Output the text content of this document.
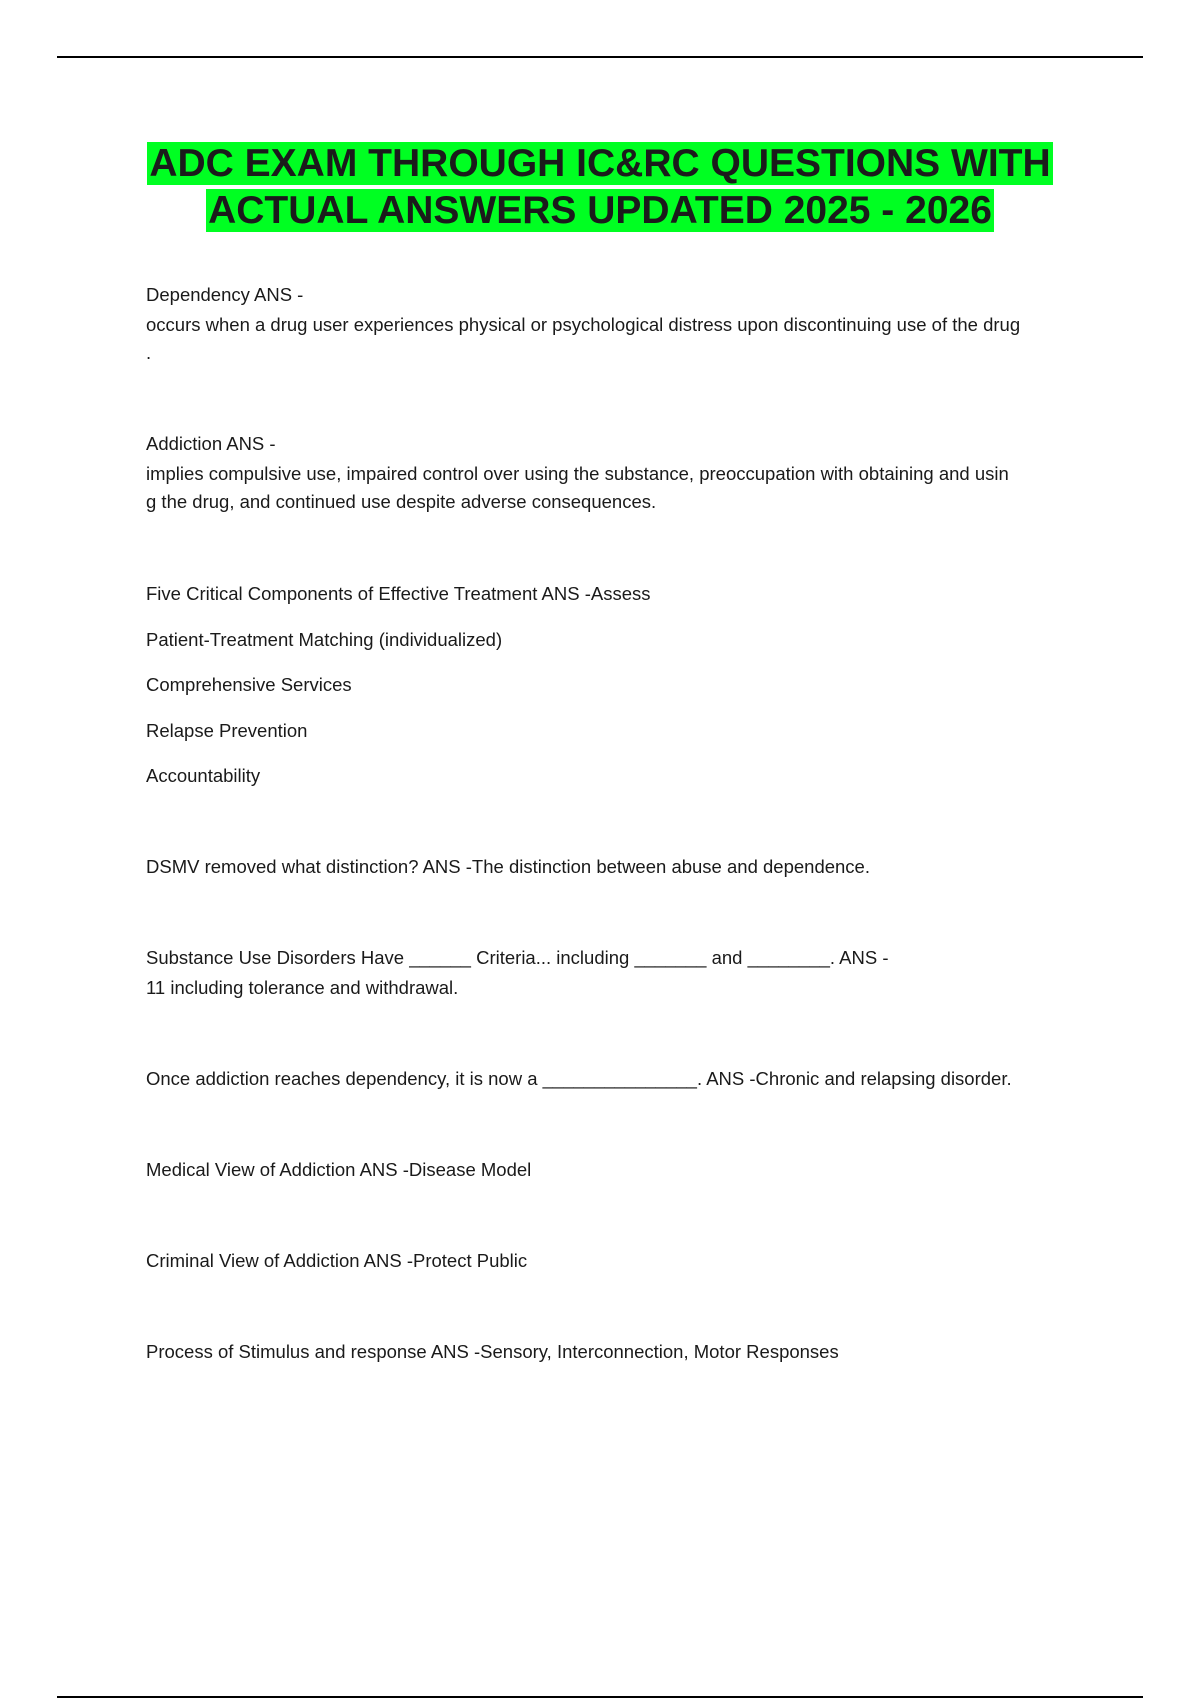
ADC EXAM THROUGH IC&RC QUESTIONS WITH
ACTUAL ANSWERS UPDATED 2025 - 2026
Dependency ANS -
occurs when a drug user experiences physical or psychological distress upon discontinuing use of the drug
.
Addiction ANS -
implies compulsive use, impaired control over using the substance, preoccupation with obtaining and usin
g the drug, and continued use despite adverse consequences.
Five Critical Components of Effective Treatment ANS -Assess
Patient-Treatment Matching (individualized)
Comprehensive Services
Relapse Prevention
Accountability
DSMV removed what distinction? ANS -The distinction between abuse and dependence.
Substance Use Disorders Have ______ Criteria... including _______ and ________. ANS -
11 including tolerance and withdrawal.
Once addiction reaches dependency, it is now a _______________. ANS -Chronic and relapsing disorder.
Medical View of Addiction ANS -Disease Model
Criminal View of Addiction ANS -Protect Public
Process of Stimulus and response ANS -Sensory, Interconnection, Motor Responses
